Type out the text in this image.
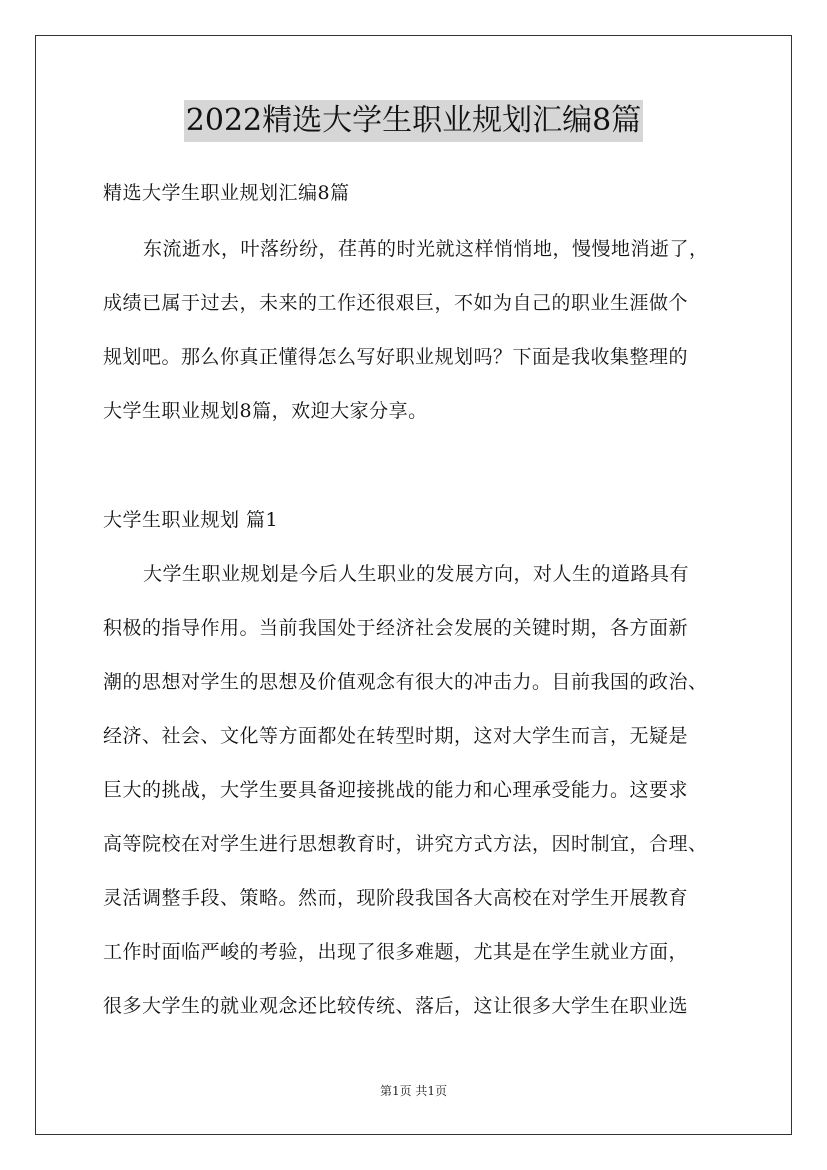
2022精选大学生职业规划汇编8篇
精选大学生职业规划汇编8篇
东流逝水，叶落纷纷，荏苒的时光就这样悄悄地，慢慢地消逝了，
成绩已属于过去，未来的工作还很艰巨，不如为自己的职业生涯做个
规划吧。那么你真正懂得怎么写好职业规划吗？下面是我收集整理的
大学生职业规划8篇，欢迎大家分享。
大学生职业规划 篇1
大学生职业规划是今后人生职业的发展方向，对人生的道路具有
积极的指导作用。当前我国处于经济社会发展的关键时期，各方面新
潮的思想对学生的思想及价值观念有很大的冲击力。目前我国的政治、
经济、社会、文化等方面都处在转型时期，这对大学生而言，无疑是
巨大的挑战，大学生要具备迎接挑战的能力和心理承受能力。这要求
高等院校在对学生进行思想教育时，讲究方式方法，因时制宜，合理、
灵活调整手段、策略。然而，现阶段我国各大高校在对学生开展教育
工作时面临严峻的考验，出现了很多难题，尤其是在学生就业方面，
很多大学生的就业观念还比较传统、落后，这让很多大学生在职业选
第1页 共1页
